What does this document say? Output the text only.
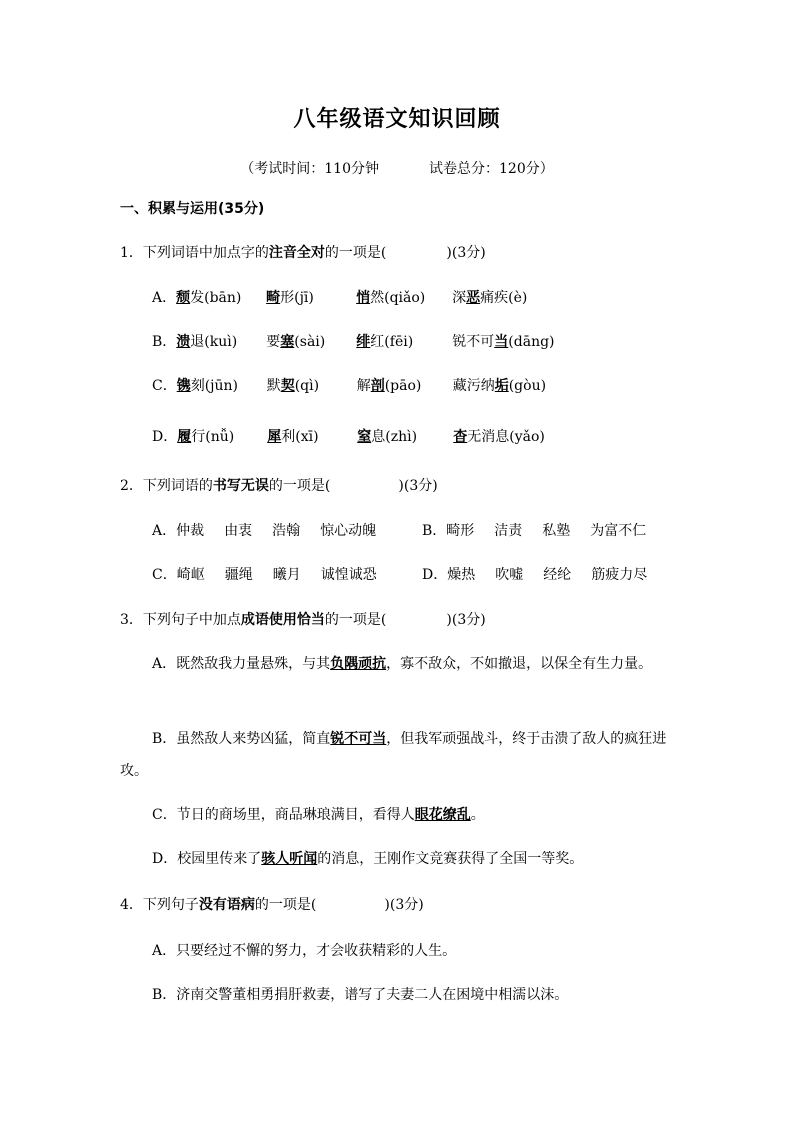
八年级语文知识回顾
（考试时间：110分钟	试卷总分：120分）
一、积累与运用(35分)
1．下列词语中加点字的注音全对的一项是(	)(3分)
A．颓发(bān) 畸形(jī)	悄然(qiǎo) 深恶痛疾(è)
B．溃退(kuì) 要塞(sài) 绯红(fēi)	锐不可当(dāng)
C．镌刻(jūn) 默契(qì)	解剖(pāo) 藏污纳垢(gòu)
D．履行(nǚ) 犀利(xī)	窒息(zhì)	杳无消息(yǎo)
2．下列词语的书写无误的一项是(	)(3分)
A．仲裁 由衷 浩翰 惊心动魄	B．畸形 洁责 私塾 为富不仁
C．崎岖 疆绳 曦月 诚惶诚恐	D．燥热 吹嘘 经纶 筋疲力尽
3．下列句子中加点成语使用恰当的一项是(	)(3分)
A．既然敌我力量悬殊，与其负隅顽抗，寡不敌众，不如撤退，以保全有生力量。
B．虽然敌人来势凶猛，简直锐不可当，但我军顽强战斗，终于击溃了敌人的疯狂进攻。
C．节日的商场里，商品琳琅满目，看得人眼花缭乱。
D．校园里传来了骇人听闻的消息，王刚作文竞赛获得了全国一等奖。
4．下列句子没有语病的一项是(	)(3分)
A．只要经过不懈的努力，才会收获精彩的人生。
B．济南交警董相勇捐肝救妻，谱写了夫妻二人在困境中相濡以沫。
